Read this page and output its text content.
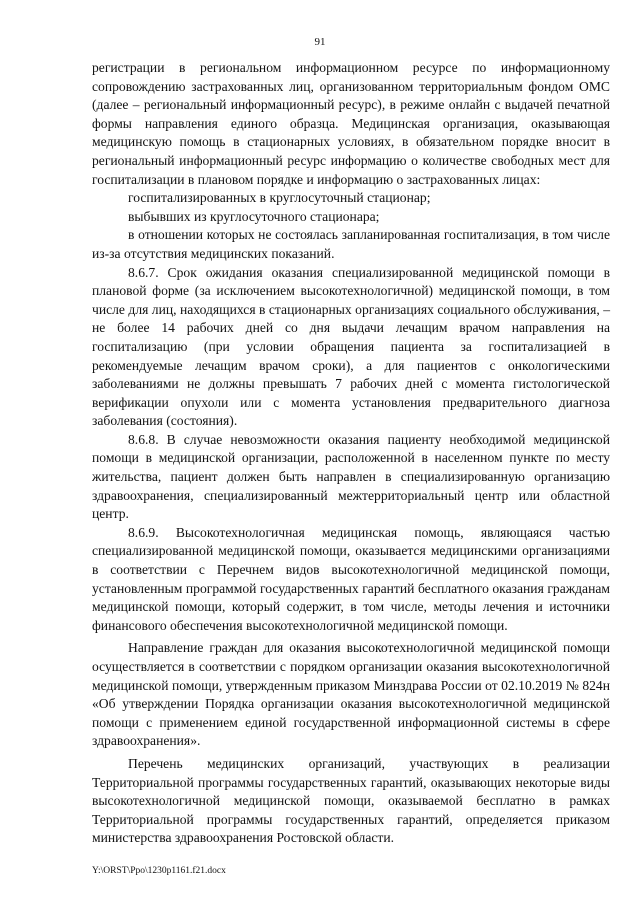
91

регистрации в региональном информационном ресурсе по информационному сопровождению застрахованных лиц, организованном территориальным фондом ОМС (далее – региональный информационный ресурс), в режиме онлайн с выдачей печатной формы направления единого образца. Медицинская организация, оказывающая медицинскую помощь в стационарных условиях, в обязательном порядке вносит в региональный информационный ресурс информацию о количестве свободных мест для госпитализации в плановом порядке и информацию о застрахованных лицах:

госпитализированных в круглосуточный стационар;

выбывших из круглосуточного стационара;

в отношении которых не состоялась запланированная госпитализация, в том числе из-за отсутствия медицинских показаний.

8.6.7. Срок ожидания оказания специализированной медицинской помощи в плановой форме (за исключением высокотехнологичной) медицинской помощи, в том числе для лиц, находящихся в стационарных организациях социального обслуживания, – не более 14 рабочих дней со дня выдачи лечащим врачом направления на госпитализацию (при условии обращения пациента за госпитализацией в рекомендуемые лечащим врачом сроки), а для пациентов с онкологическими заболеваниями не должны превышать 7 рабочих дней с момента гистологической верификации опухоли или с момента установления предварительного диагноза заболевания (состояния).

8.6.8. В случае невозможности оказания пациенту необходимой медицинской помощи в медицинской организации, расположенной в населенном пункте по месту жительства, пациент должен быть направлен в специализированную организацию здравоохранения, специализированный межтерриториальный центр или областной центр.

8.6.9. Высокотехнологичная медицинская помощь, являющаяся частью специализированной медицинской помощи, оказывается медицинскими организациями в соответствии с Перечнем видов высокотехнологичной медицинской помощи, установленным программой государственных гарантий бесплатного оказания гражданам медицинской помощи, который содержит, в том числе, методы лечения и источники финансового обеспечения высокотехнологичной медицинской помощи.

Направление граждан для оказания высокотехнологичной медицинской помощи осуществляется в соответствии с порядком организации оказания высокотехнологичной медицинской помощи, утвержденным приказом Минздрава России от 02.10.2019 № 824н «Об утверждении Порядка организации оказания высокотехнологичной медицинской помощи с применением единой государственной информационной системы в сфере здравоохранения».

Перечень медицинских организаций, участвующих в реализации Территориальной программы государственных гарантий, оказывающих некоторые виды высокотехнологичной медицинской помощи, оказываемой бесплатно в рамках Территориальной программы государственных гарантий, определяется приказом министерства здравоохранения Ростовской области.

Y:\ORST\Ppo\1230p1161.f21.docx
